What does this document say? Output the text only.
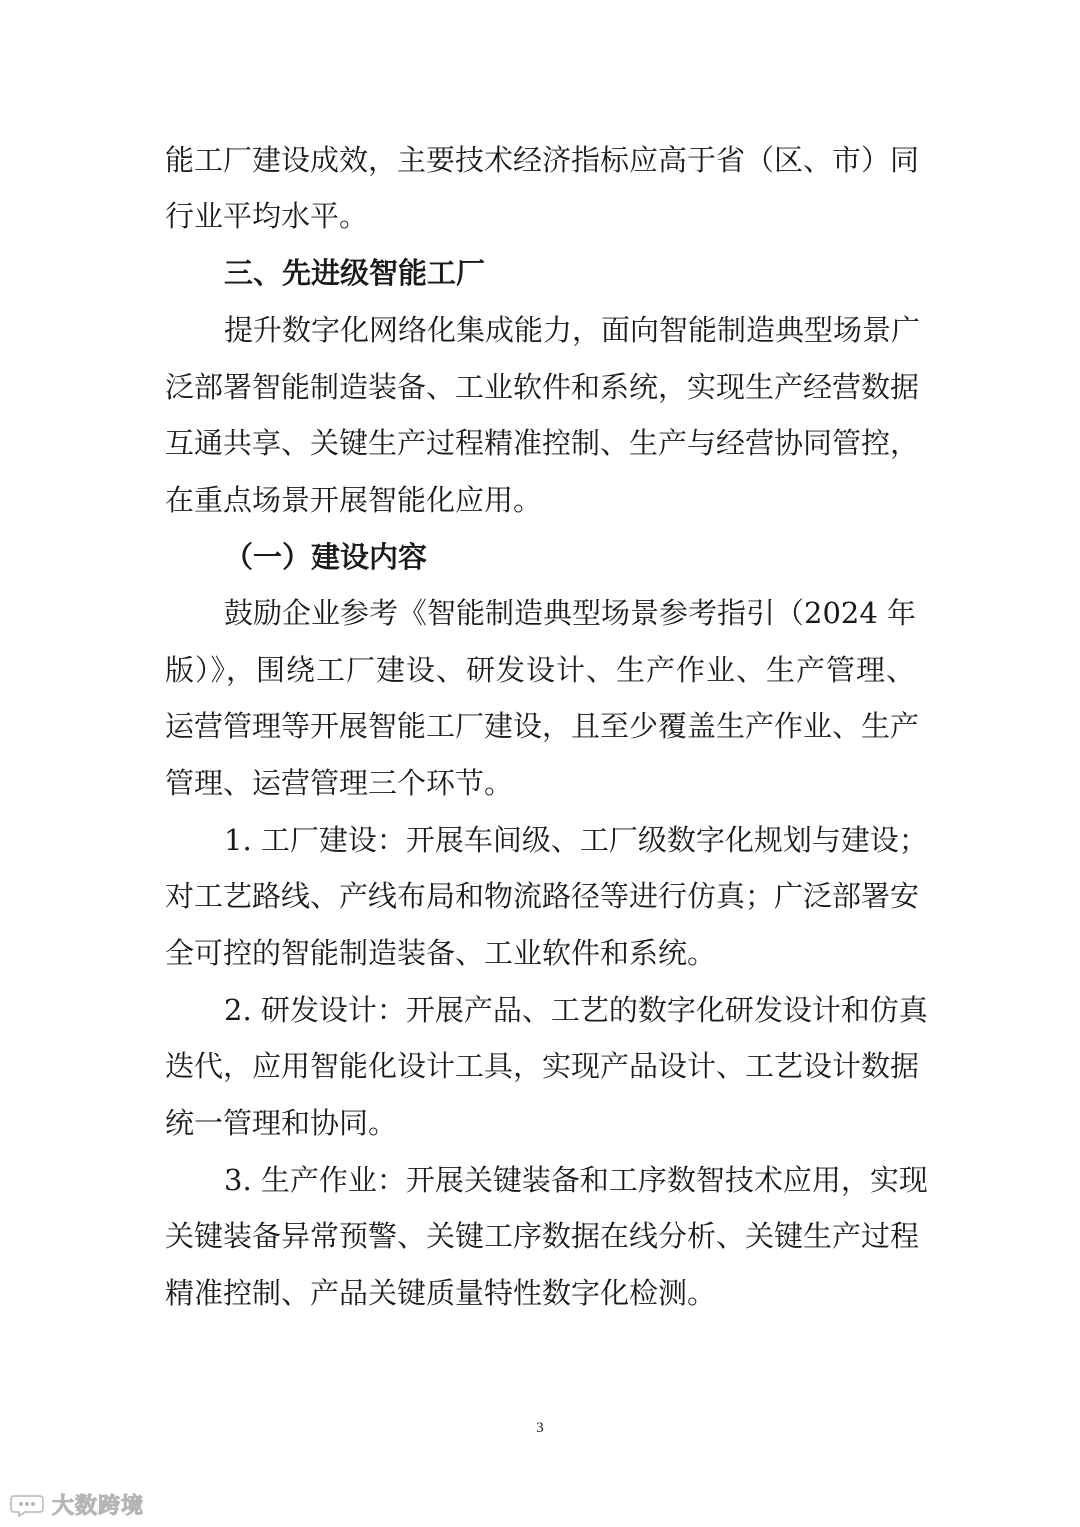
能工厂建设成效，主要技术经济指标应高于省（区、市）同
行业平均水平。
三、先进级智能工厂
提升数字化网络化集成能力，面向智能制造典型场景广
泛部署智能制造装备、工业软件和系统，实现生产经营数据
互通共享、关键生产过程精准控制、生产与经营协同管控，
在重点场景开展智能化应用。
（一）建设内容
鼓励企业参考《智能制造典型场景参考指引（2024 年
版）》，围绕工厂建设、研发设计、生产作业、生产管理、
运营管理等开展智能工厂建设，且至少覆盖生产作业、生产
管理、运营管理三个环节。
1. 工厂建设：开展车间级、工厂级数字化规划与建设；
对工艺路线、产线布局和物流路径等进行仿真；广泛部署安
全可控的智能制造装备、工业软件和系统。
2. 研发设计：开展产品、工艺的数字化研发设计和仿真
迭代，应用智能化设计工具，实现产品设计、工艺设计数据
统一管理和协同。
3. 生产作业：开展关键装备和工序数智技术应用，实现
关键装备异常预警、关键工序数据在线分析、关键生产过程
精准控制、产品关键质量特性数字化检测。
3
大数跨境
